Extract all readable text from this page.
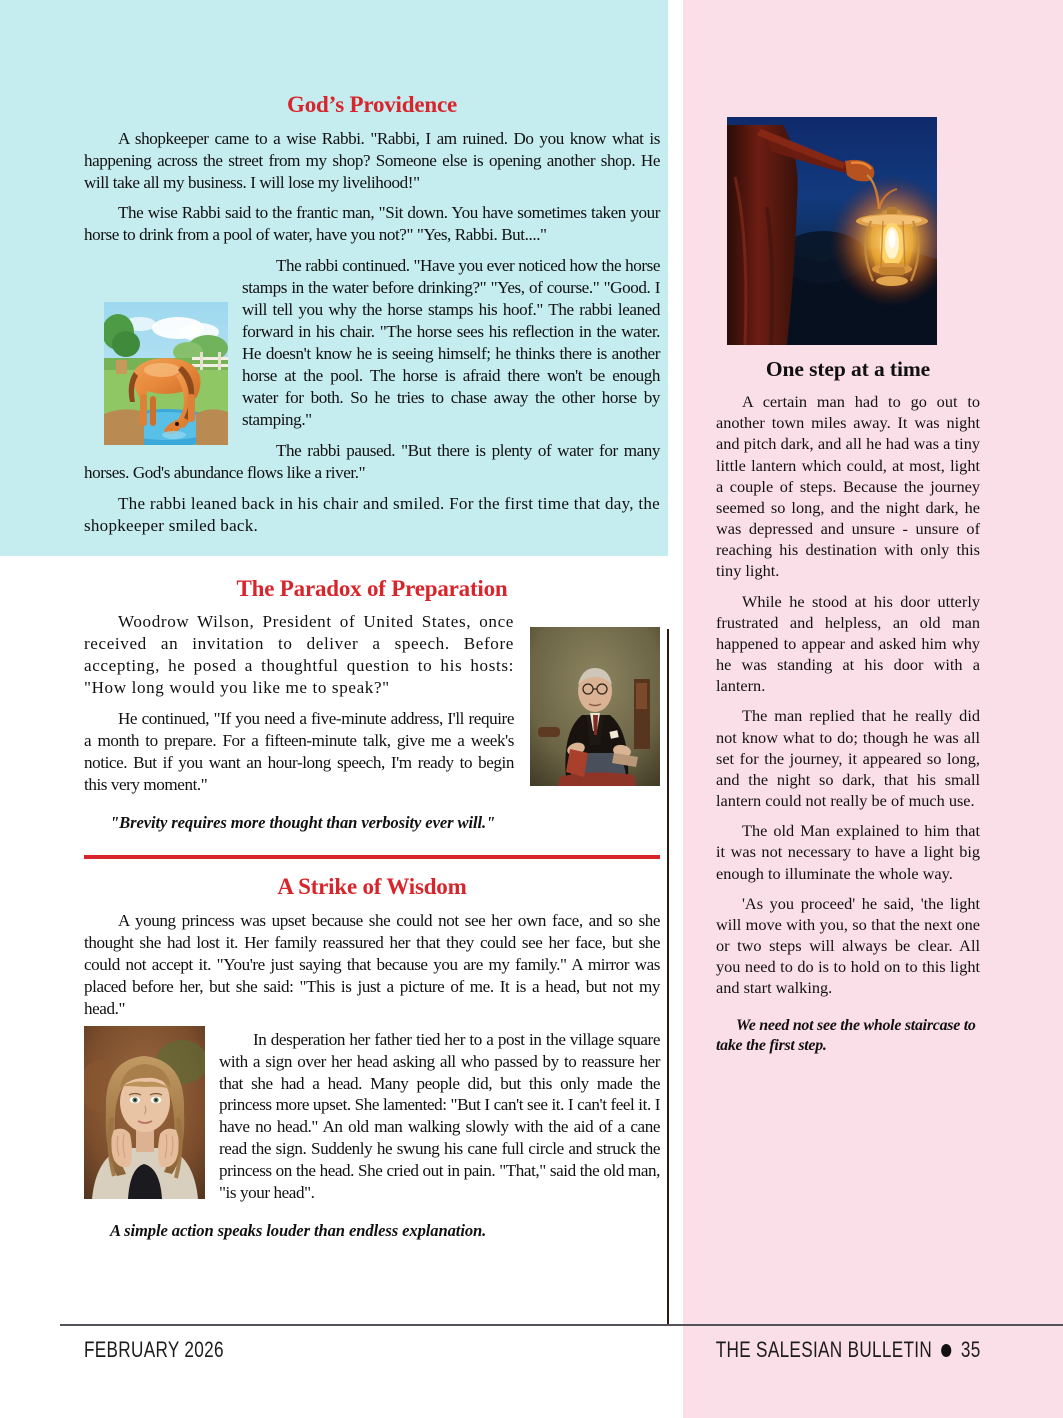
God’s Providence

A shopkeeper came to a wise Rabbi. "Rabbi, I am ruined. Do you know what is happening across the street from my shop? Someone else is opening another shop. He will take all my business. I will lose my livelihood!"

The wise Rabbi said to the frantic man, "Sit down. You have sometimes taken your horse to drink from a pool of water, have you not?" "Yes, Rabbi. But...."

The rabbi continued. "Have you ever noticed how the horse stamps in the water before drinking?" "Yes, of course." "Good. I will tell you why the horse stamps his hoof." The rabbi leaned forward in his chair. "The horse sees his reflection in the water. He doesn't know he is seeing himself; he thinks there is another horse at the pool. The horse is afraid there won't be enough water for both. So he tries to chase away the other horse by stamping."

The rabbi paused. "But there is plenty of water for many horses. God's abundance flows like a river."

The rabbi leaned back in his chair and smiled. For the first time that day, the shopkeeper smiled back.

The Paradox of Preparation

Woodrow Wilson, President of United States, once received an invitation to deliver a speech. Before accepting, he posed a thoughtful question to his hosts: "How long would you like me to speak?"

He continued, "If you need a five-minute address, I'll require a month to prepare. For a fifteen-minute talk, give me a week's notice. But if you want an hour-long speech, I'm ready to begin this very moment."

"Brevity requires more thought than verbosity ever will."

A Strike of Wisdom

A young princess was upset because she could not see her own face, and so she thought she had lost it. Her family reassured her that they could see her face, but she could not accept it. "You're just saying that because you are my family." A mirror was placed before her, but she said: "This is just a picture of me. It is a head, but not my head."

In desperation her father tied her to a post in the village square with a sign over her head asking all who passed by to reassure her that she had a head. Many people did, but this only made the princess more upset. She lamented: "But I can't see it. I can't feel it. I have no head." An old man walking slowly with the aid of a cane read the sign. Suddenly he swung his cane full circle and struck the princess on the head. She cried out in pain. "That," said the old man, "is your head".

A simple action speaks louder than endless explanation.

One step at a time

A certain man had to go out to another town miles away. It was night and pitch dark, and all he had was a tiny little lantern which could, at most, light a couple of steps. Because the journey seemed so long, and the night dark, he was depressed and unsure - unsure of reaching his destination with only this tiny light.

While he stood at his door utterly frustrated and helpless, an old man happened to appear and asked him why he was standing at his door with a lantern.

The man replied that he really did not know what to do; though he was all set for the journey, it appeared so long, and the night so dark, that his small lantern could not really be of much use.

The old Man explained to him that it was not necessary to have a light big enough to illuminate the whole way.

'As you proceed' he said, 'the light will move with you, so that the next one or two steps will always be clear. All you need to do is to hold on to this light and start walking.

We need not see the whole staircase to take the first step.

FEBRUARY 2026	THE SALESIAN BULLETIN 35
